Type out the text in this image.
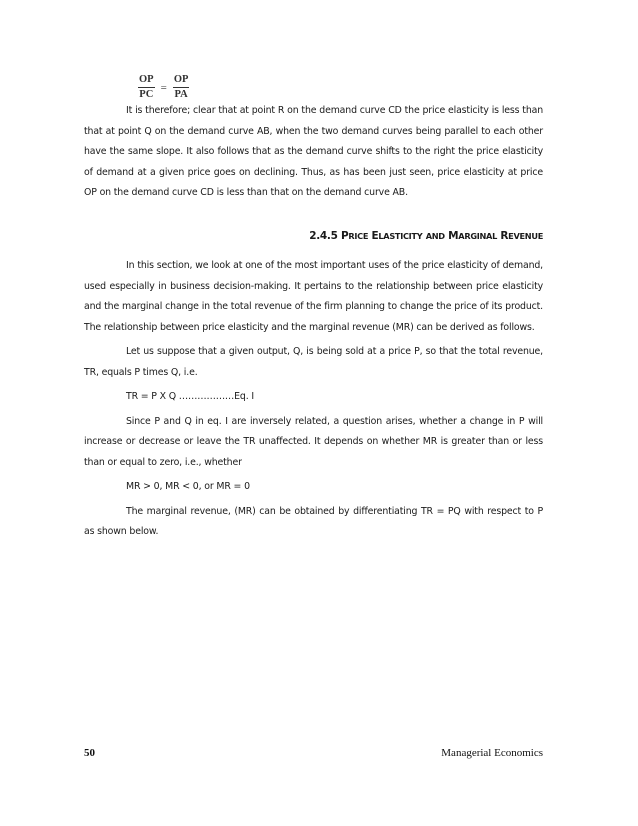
$\frac{OP}{PC} = \frac{OP}{PA}$

It is therefore; clear that at point R on the demand curve CD the price elasticity is less than that at point Q on the demand curve AB, when the two demand curves being parallel to each other have the same slope. It also follows that as the demand curve shifts to the right the price elasticity of demand at a given price goes on declining. Thus, as has been just seen, price elasticity at price OP on the demand curve CD is less than that on the demand curve AB.

2.4.5 PRICE ELASTICITY AND MARGINAL REVENUE

In this section, we look at one of the most important uses of the price elasticity of demand, used especially in business decision-making. It pertains to the relationship between price elasticity and the marginal change in the total revenue of the firm planning to change the price of its product. The relationship between price elasticity and the marginal revenue (MR) can be derived as follows.

Let us suppose that a given output, Q, is being sold at a price P, so that the total revenue, TR, equals P times Q, i.e.

TR = P X Q ………………Eq. I

Since P and Q in eq. I are inversely related, a question arises, whether a change in P will increase or decrease or leave the TR unaffected. It depends on whether MR is greater than or less than or equal to zero, i.e., whether

MR > 0, MR < 0, or MR = 0

The marginal revenue, (MR) can be obtained by differentiating TR = PQ with respect to P as shown below.

50	Managerial Economics
